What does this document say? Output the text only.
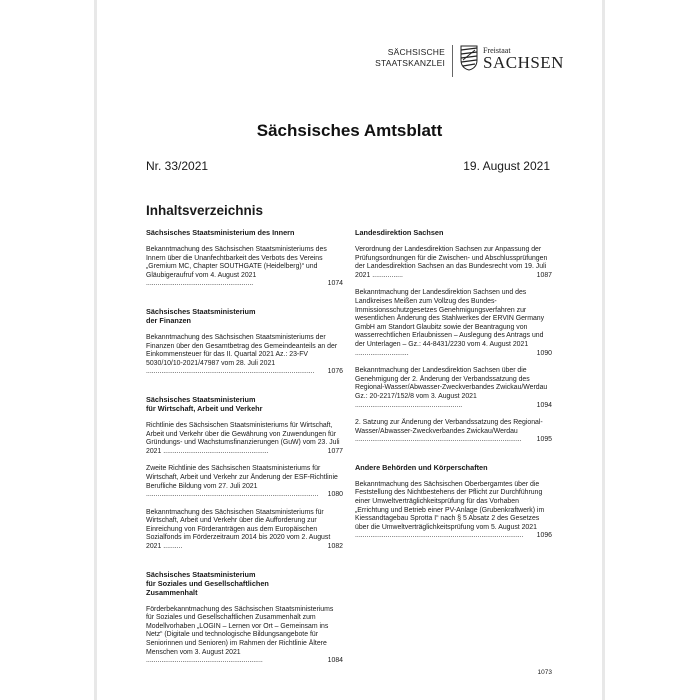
SÄCHSISCHE
STAATSKANZLEI
Freistaat
SACHSEN
Sächsisches Amtsblatt
Nr. 33/2021	19. August 2021
Inhaltsverzeichnis
Sächsisches Staatsministerium des Innern
Bekanntmachung des Sächsischen Staatsministeriums des Innern über die Unanfechtbarkeit des Verbots des Vereins „Gremium MC, Chapter SOUTHGATE (Heidelberg)“ und Gläubigeraufruf vom 4. August 2021 ........................................................	1074
Sächsisches Staatsministerium
der Finanzen
Bekanntmachung des Sächsischen Staatsministeriums der Finanzen über den Gesamtbetrag des Gemeindeanteils an der Einkommensteuer für das II. Quartal 2021 Az.: 23-FV 5030/10/10-2021/47987 vom 28. Juli 2021 ........................................................................................ 1076
Sächsisches Staatsministerium
für Wirtschaft, Arbeit und Verkehr
Richtlinie des Sächsischen Staatsministeriums für Wirtschaft, Arbeit und Verkehr über die Gewährung von Zuwendungen für Gründungs- und Wachstumsfinanzierungen (GuW) vom 23. Juli 2021 .......................................................	1077
Zweite Richtlinie des Sächsischen Staatsministeriums für Wirtschaft, Arbeit und Verkehr zur Änderung der ESF-Richtlinie Berufliche Bildung vom 27. Juli 2021 .......................................................................................... 1080
Bekanntmachung des Sächsischen Staatsministeriums für Wirtschaft, Arbeit und Verkehr über die Aufforderung zur Einreichung von Förderanträgen aus dem Europäischen Sozialfonds im Förderzeitraum 2014 bis 2020 vom 2. August 2021 ..........	1082
Sächsisches Staatsministerium
für Soziales und Gesellschaftlichen
Zusammenhalt
Förderbekanntmachung des Sächsischen Staatsministeriums für Soziales und Gesellschaftlichen Zusammenhalt zum Modellvorhaben „LOGIN – Lernen vor Ort – Gemeinsam ins Netz“ (Digitale und technologische Bildungsangebote für Seniorinnen und Senioren) im Rahmen der Richtlinie Ältere Menschen vom 3. August 2021 .............................................................	1084
Landesdirektion Sachsen
Verordnung der Landesdirektion Sachsen zur Anpassung der Prüfungsordnungen für die Zwischen- und Abschlussprüfungen der Landesdirektion Sachsen an das Bundesrecht vom 19. Juli 2021 ................	1087
Bekanntmachung der Landesdirektion Sachsen und des Landkreises Meißen zum Vollzug des Bundes-Immissionsschutzgesetzes Genehmigungsverfahren zur wesentlichen Änderung des Stahlwerkes der ERVIN Germany GmbH am Standort Glaubitz sowie der Beantragung von wasserrechtlichen Erlaubnissen – Auslegung des Antrags und der Unterlagen – Gz.: 44-8431/2230 vom 4. August 2021 ............................	1090
Bekanntmachung der Landesdirektion Sachsen über die Genehmigung der 2. Änderung der Verbandssatzung des Regional-Wasser/Abwasser-Zweckverbandes Zwickau/Werdau Gz.: 20-2217/152/8 vom 3. August 2021 ........................................................	1094
2. Satzung zur Änderung der Verbandssatzung des Regional-Wasser/Abwasser-Zweckverbandes Zwickau/Werdau ....................................................................................... 1095
Andere Behörden und Körperschaften
Bekanntmachung des Sächsischen Oberbergamtes über die Feststellung des Nichtbestehens der Pflicht zur Durchführung einer Umweltverträglichkeitsprüfung für das Vorhaben „Errichtung und Betrieb einer PV-Anlage (Grubenkraftwerk) im Kiessandtagebau Sprotta I“ nach § 5 Absatz 2 des Gesetzes über die Umweltverträglichkeitsprüfung vom 5. August 2021 ........................................................................................ 1096
1073
